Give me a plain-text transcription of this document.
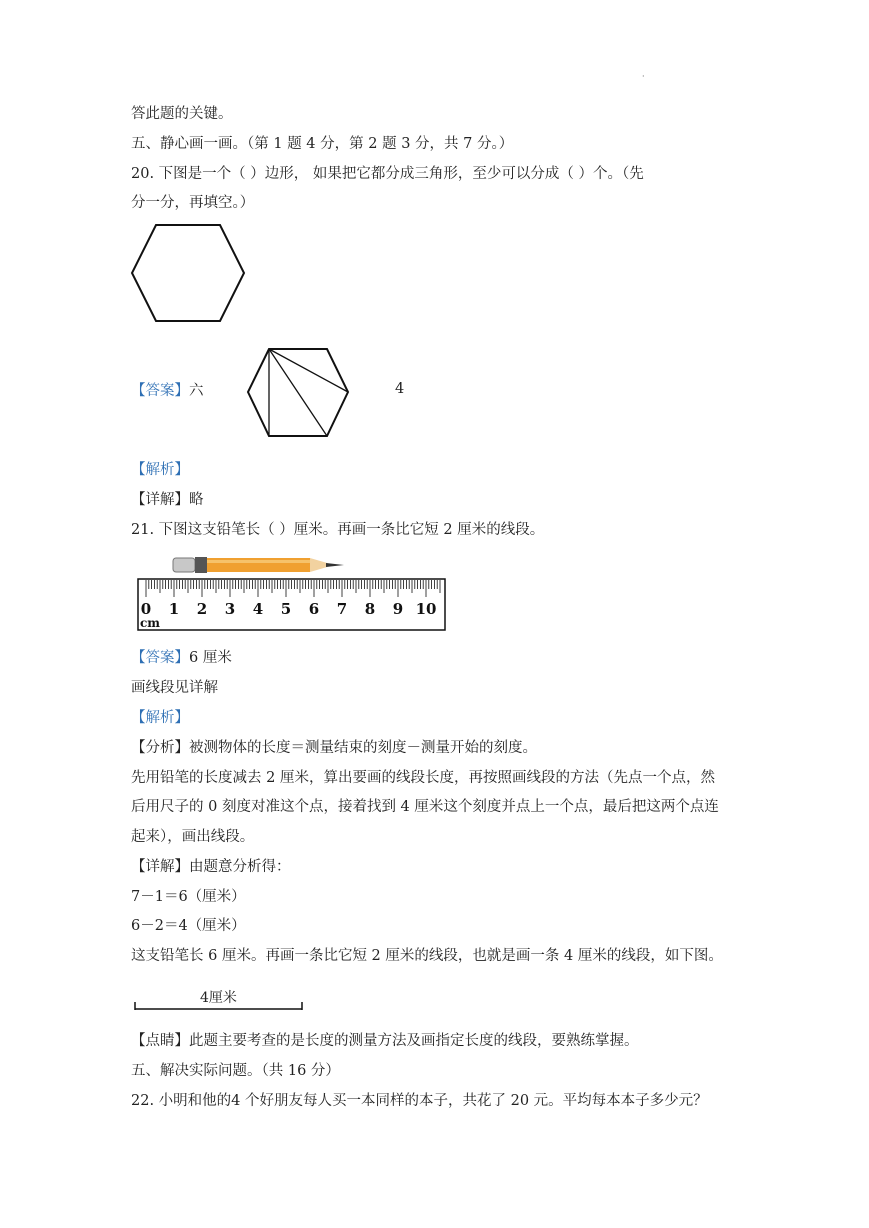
·
答此题的关键。
五、静心画一画。（第 1 题 4 分，第 2 题 3 分，共 7 分。）
20. 下图是一个（ ）边形， 如果把它都分成三角形，至少可以分成（ ）个。（先
分一分，再填空。）
【答案】六	4
【解析】
【详解】略
21. 下图这支铅笔长（ ）厘米。再画一条比它短 2 厘米的线段。
0 1 2 3 4 5 6 7 8 9 10
cm
【答案】6 厘米
画线段见详解
【解析】
【分析】被测物体的长度＝测量结束的刻度－测量开始的刻度。
先用铅笔的长度减去 2 厘米，算出要画的线段长度，再按照画线段的方法（先点一个点，然
后用尺子的 0 刻度对准这个点，接着找到 4 厘米这个刻度并点上一个点，最后把这两个点连
起来），画出线段。
【详解】由题意分析得：
7－1＝6（厘米）
6－2＝4（厘米）
这支铅笔长 6 厘米。再画一条比它短 2 厘米的线段，也就是画一条 4 厘米的线段，如下图。
4厘米
【点睛】此题主要考查的是长度的测量方法及画指定长度的线段，要熟练掌握。
五、解决实际问题。（共 16 分）
22. 小明和他的4 个好朋友每人买一本同样的本子，共花了 20 元。平均每本本子多少元？
